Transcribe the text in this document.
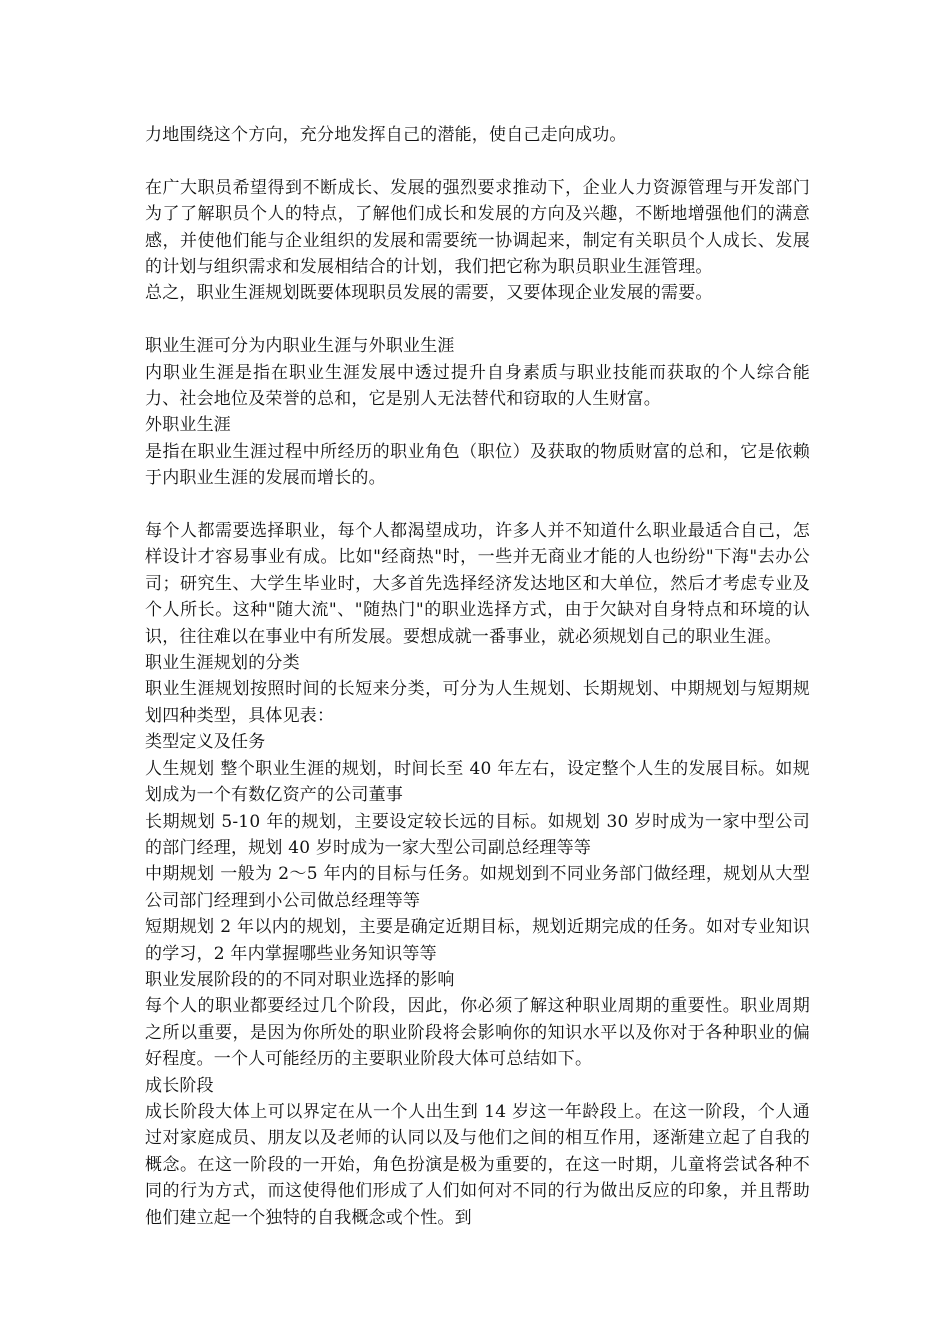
力地围绕这个方向，充分地发挥自己的潜能，使自己走向成功。

在广大职员希望得到不断成长、发展的强烈要求推动下，企业人力资源管理与开发部门为了了解职员个人的特点，了解他们成长和发展的方向及兴趣，不断地增强他们的满意感，并使他们能与企业组织的发展和需要统一协调起来，制定有关职员个人成长、发展的计划与组织需求和发展相结合的计划，我们把它称为职员职业生涯管理。

总之，职业生涯规划既要体现职员发展的需要，又要体现企业发展的需要。

职业生涯可分为内职业生涯与外职业生涯

内职业生涯是指在职业生涯发展中透过提升自身素质与职业技能而获取的个人综合能力、社会地位及荣誉的总和，它是别人无法替代和窃取的人生财富。

外职业生涯

是指在职业生涯过程中所经历的职业角色（职位）及获取的物质财富的总和，它是依赖于内职业生涯的发展而增长的。

每个人都需要选择职业，每个人都渴望成功，许多人并不知道什么职业最适合自己，怎样设计才容易事业有成。比如"经商热"时，一些并无商业才能的人也纷纷"下海"去办公司；研究生、大学生毕业时，大多首先选择经济发达地区和大单位，然后才考虑专业及个人所长。这种"随大流"、"随热门"的职业选择方式，由于欠缺对自身特点和环境的认识，往往难以在事业中有所发展。要想成就一番事业，就必须规划自己的职业生涯。

职业生涯规划的分类

职业生涯规划按照时间的长短来分类，可分为人生规划、长期规划、中期规划与短期规划四种类型，具体见表：

类型定义及任务

人生规划 整个职业生涯的规划，时间长至 40 年左右，设定整个人生的发展目标。如规划成为一个有数亿资产的公司董事

长期规划 5-10 年的规划，主要设定较长远的目标。如规划 30 岁时成为一家中型公司的部门经理，规划 40 岁时成为一家大型公司副总经理等等

中期规划 一般为 2～5 年内的目标与任务。如规划到不同业务部门做经理，规划从大型公司部门经理到小公司做总经理等等

短期规划 2 年以内的规划，主要是确定近期目标，规划近期完成的任务。如对专业知识的学习，2 年内掌握哪些业务知识等等

职业发展阶段的的不同对职业选择的影响

每个人的职业都要经过几个阶段，因此，你必须了解这种职业周期的重要性。职业周期之所以重要，是因为你所处的职业阶段将会影响你的知识水平以及你对于各种职业的偏好程度。一个人可能经历的主要职业阶段大体可总结如下。

成长阶段

成长阶段大体上可以界定在从一个人出生到 14 岁这一年龄段上。在这一阶段，个人通过对家庭成员、朋友以及老师的认同以及与他们之间的相互作用，逐渐建立起了自我的概念。在这一阶段的一开始，角色扮演是极为重要的，在这一时期，儿童将尝试各种不同的行为方式，而这使得他们形成了人们如何对不同的行为做出反应的印象，并且帮助他们建立起一个独特的自我概念或个性。到
